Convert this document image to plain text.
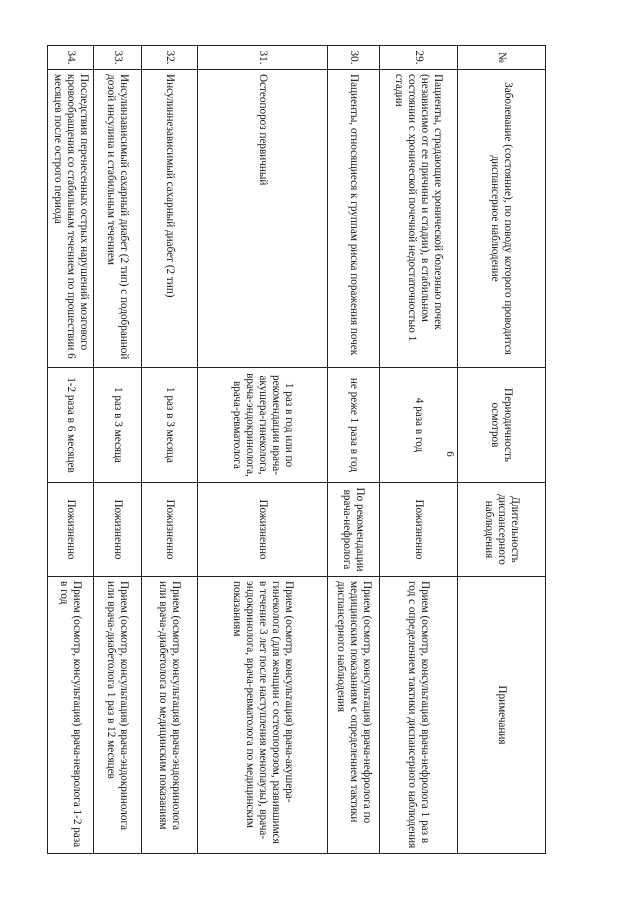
6
№	Заболевание (состояние), по поводу которого проводится диспансерное наблюдение	Периодичность осмотров	Длительность диспансерного наблюдения	Примечания
29.	Пациенты, страдающие хронической болезнью почек (независимо от ее причины и стадии), в стабильном состоянии с хронической почечной недостаточностью 1 стадии	4 раза в год	Пожизненно	Прием (осмотр, консультация) врача-нефролога 1 раз в год с определением тактики диспансерного наблюдения
30.	Пациенты, относящиеся к группам риска поражения почек	не реже 1 раза в год	По рекомендации врача-нефролога	Прием (осмотр, консультация) врача-нефролога по медицинским показаниям с определением тактики диспансерного наблюдения
31.	Остеопороз первичный	1 раз в год или по рекомендации врача-акушера-гинеколога, врача-эндокринолога, врача-ревматолога	Пожизненно	Прием (осмотр, консультация) врача-акушера-гинеколога (для женщин с остеопорозом, развившимся в течение 3 лет после наступления менопаузы), врача-эндокринолога, врача-ревматолога по медицинским показаниям
32.	Инсулиннезависимый сахарный диабет (2 тип)	1 раз в 3 месяца	Пожизненно	Прием (осмотр, консультация) врача-эндокринолога или врача-диабетолога по медицинским показаниям
33.	Инсулинзависимый сахарный диабет (2 тип) с подобранной дозой инсулина и стабильным течением	1 раз в 3 месяца	Пожизненно	Прием (осмотр, консультация) врача-эндокринолога или врача-диабетолога 1 раз в 12 месяцев
34.	Последствия перенесенных острых нарушений мозгового кровообращения со стабильным течением по прошествии 6 месяцев после острого периода	1-2 раза в 6 месяцев	Пожизненно	Прием (осмотр, консультация) врача-невролога 1-2 раза в год
